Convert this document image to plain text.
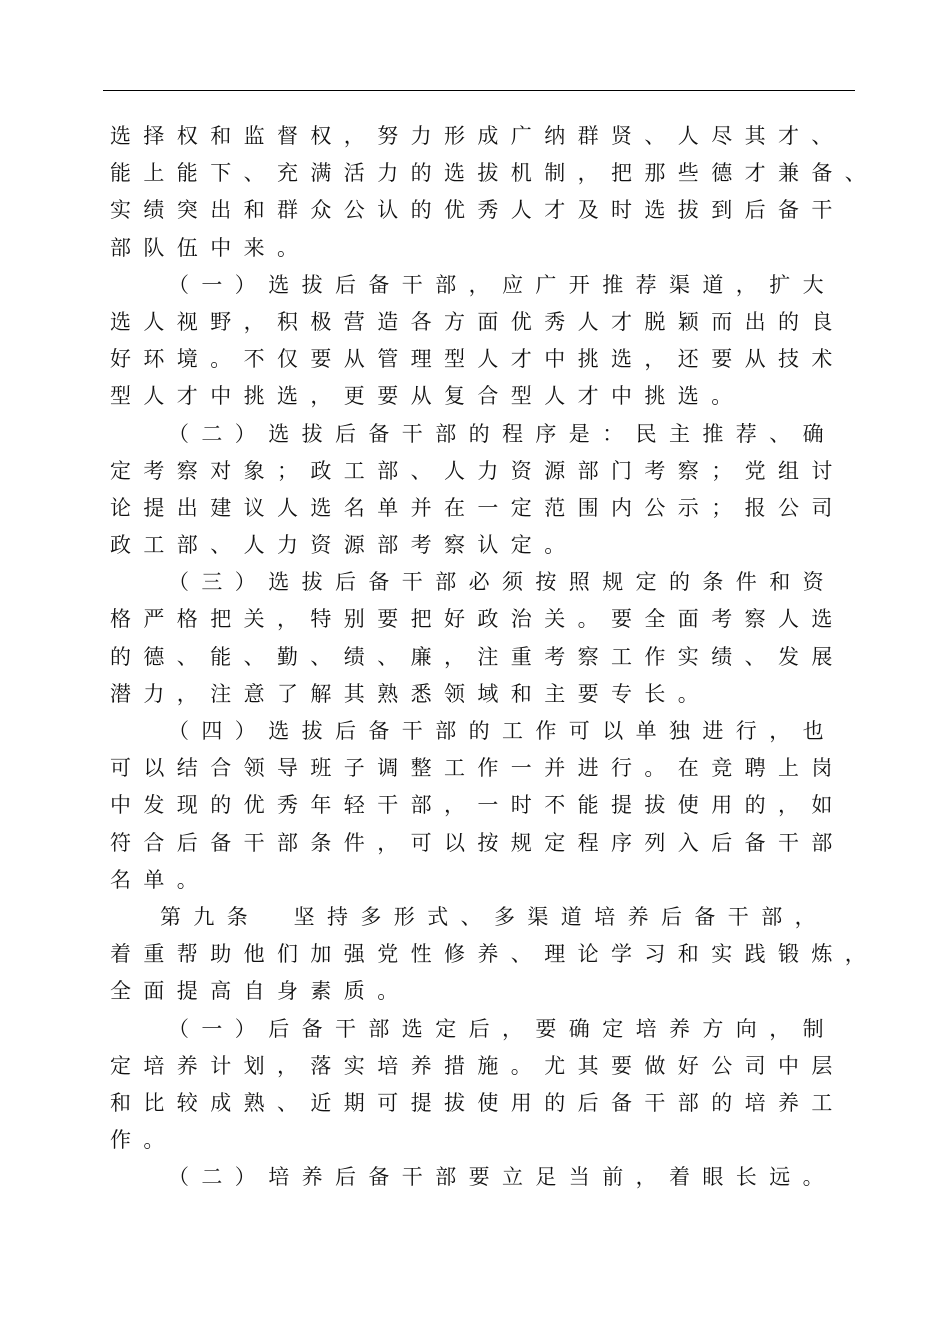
选择权和监督权，努力形成广纳群贤、人尽其才、
能上能下、充满活力的选拔机制，把那些德才兼备、
实绩突出和群众公认的优秀人才及时选拔到后备干
部队伍中来。
（一）选拔后备干部，应广开推荐渠道，扩大
选人视野，积极营造各方面优秀人才脱颖而出的良
好环境。不仅要从管理型人才中挑选，还要从技术
型人才中挑选，更要从复合型人才中挑选。
（二）选拔后备干部的程序是：民主推荐、确
定考察对象；政工部、人力资源部门考察；党组讨
论提出建议人选名单并在一定范围内公示；报公司
政工部、人力资源部考察认定。
（三）选拔后备干部必须按照规定的条件和资
格严格把关，特别要把好政治关。要全面考察人选
的德、能、勤、绩、廉，注重考察工作实绩、发展
潜力，注意了解其熟悉领域和主要专长。
（四）选拔后备干部的工作可以单独进行，也
可以结合领导班子调整工作一并进行。在竞聘上岗
中发现的优秀年轻干部，一时不能提拔使用的，如
符合后备干部条件，可以按规定程序列入后备干部
名单。
第九条　坚持多形式、多渠道培养后备干部，
着重帮助他们加强党性修养、理论学习和实践锻炼，
全面提高自身素质。
（一）后备干部选定后，要确定培养方向，制
定培养计划，落实培养措施。尤其要做好公司中层
和比较成熟、近期可提拔使用的后备干部的培养工
作。
（二）培养后备干部要立足当前，着眼长远。
